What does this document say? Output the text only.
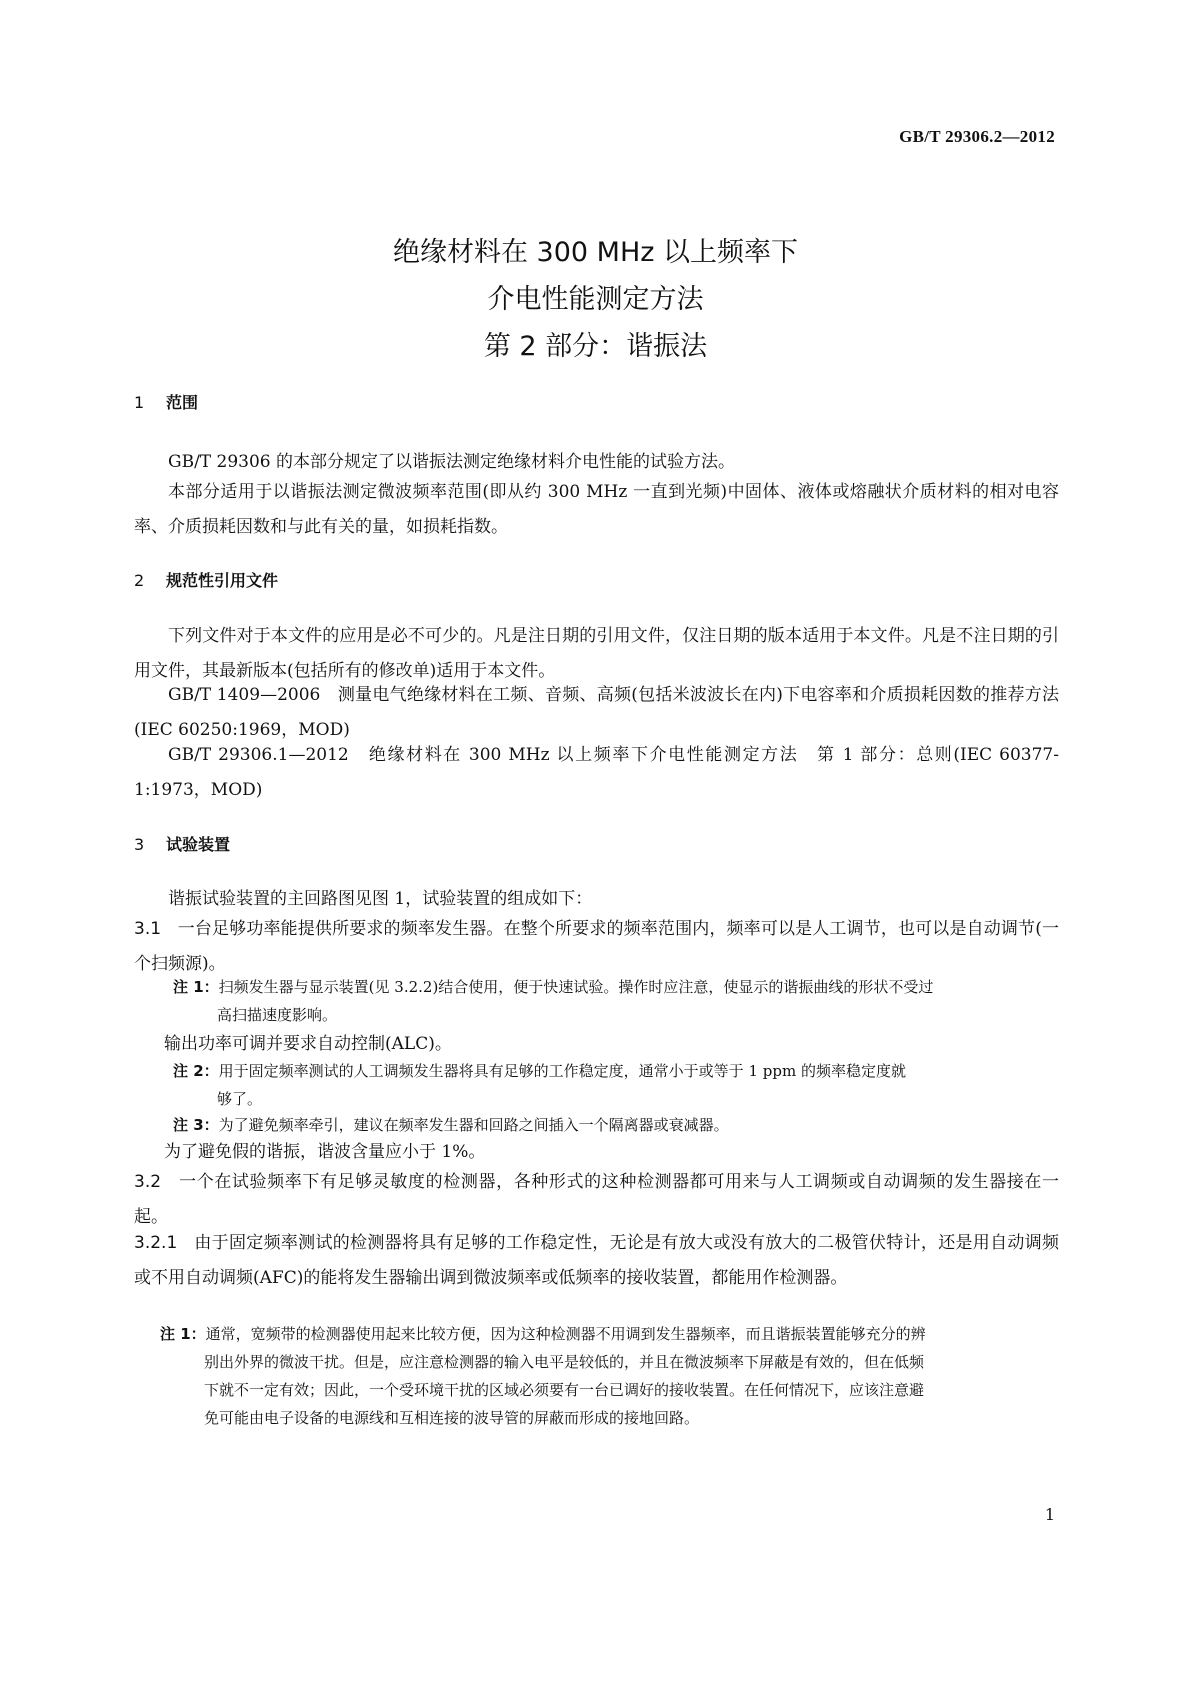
GB/T 29306.2—2012
绝缘材料在 300 MHz 以上频率下
介电性能测定方法
第 2 部分：谐振法
1 范围
GB/T 29306 的本部分规定了以谐振法测定绝缘材料介电性能的试验方法。
本部分适用于以谐振法测定微波频率范围(即从约 300 MHz 一直到光频)中固体、液体或熔融状介质材料的相对电容率、介质损耗因数和与此有关的量，如损耗指数。
2 规范性引用文件
下列文件对于本文件的应用是必不可少的。凡是注日期的引用文件，仅注日期的版本适用于本文件。凡是不注日期的引用文件，其最新版本(包括所有的修改单)适用于本文件。
GB/T 1409—2006　测量电气绝缘材料在工频、音频、高频(包括米波波长在内)下电容率和介质损耗因数的推荐方法(IEC 60250:1969，MOD)
GB/T 29306.1—2012　绝缘材料在 300 MHz 以上频率下介电性能测定方法　第 1 部分：总则(IEC 60377-1:1973，MOD)
3 试验装置
谐振试验装置的主回路图见图 1，试验装置的组成如下：
3.1 一台足够功率能提供所要求的频率发生器。在整个所要求的频率范围内，频率可以是人工调节，也可以是自动调节(一个扫频源)。
注 1：扫频发生器与显示装置(见 3.2.2)结合使用，便于快速试验。操作时应注意，使显示的谐振曲线的形状不受过
高扫描速度影响。
输出功率可调并要求自动控制(ALC)。
注 2：用于固定频率测试的人工调频发生器将具有足够的工作稳定度，通常小于或等于 1 ppm 的频率稳定度就
够了。
注 3：为了避免频率牵引，建议在频率发生器和回路之间插入一个隔离器或衰减器。
为了避免假的谐振，谐波含量应小于 1%。
3.2 一个在试验频率下有足够灵敏度的检测器，各种形式的这种检测器都可用来与人工调频或自动调频的发生器接在一起。
3.2.1 由于固定频率测试的检测器将具有足够的工作稳定性，无论是有放大或没有放大的二极管伏特计，还是用自动调频或不用自动调频(AFC)的能将发生器输出调到微波频率或低频率的接收装置，都能用作检测器。
注 1：通常，宽频带的检测器使用起来比较方便，因为这种检测器不用调到发生器频率，而且谐振装置能够充分的辨
别出外界的微波干扰。但是，应注意检测器的输入电平是较低的，并且在微波频率下屏蔽是有效的，但在低频
下就不一定有效；因此，一个受环境干扰的区域必须要有一台已调好的接收装置。在任何情况下，应该注意避
免可能由电子设备的电源线和互相连接的波导管的屏蔽而形成的接地回路。
1
